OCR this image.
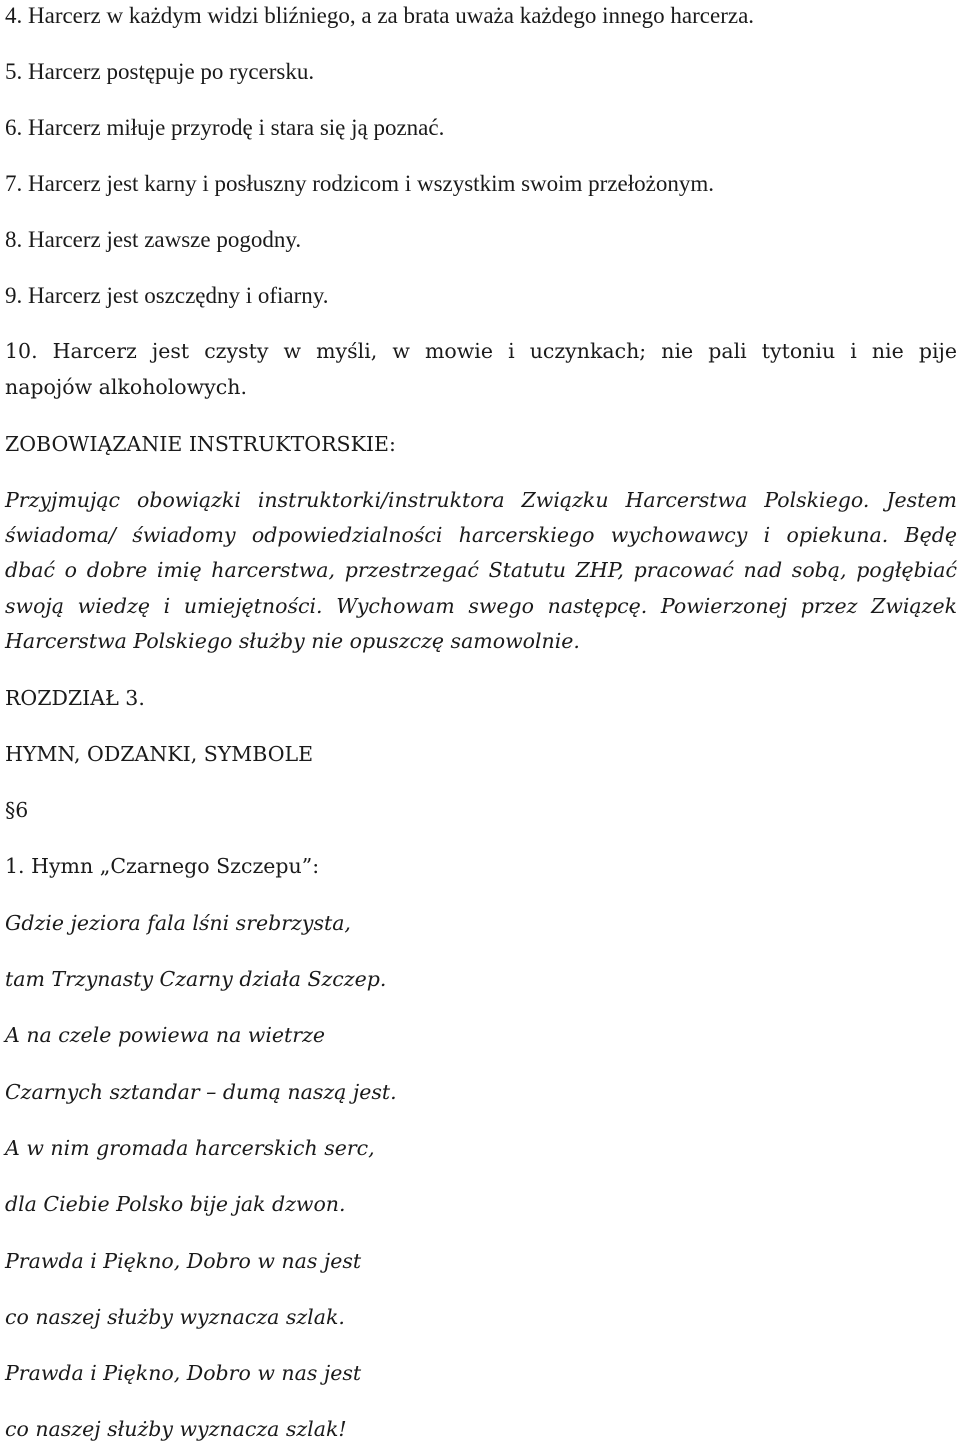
4. Harcerz w każdym widzi bliźniego, a za brata uważa każdego innego harcerza.
5. Harcerz postępuje po rycersku.
6. Harcerz miłuje przyrodę i stara się ją poznać.
7. Harcerz jest karny i posłuszny rodzicom i wszystkim swoim przełożonym.
8. Harcerz jest zawsze pogodny.
9. Harcerz jest oszczędny i ofiarny.
10. Harcerz jest czysty w myśli, w mowie i uczynkach; nie pali tytoniu i nie pije
napojów alkoholowych.
ZOBOWIĄZANIE INSTRUKTORSKIE:
Przyjmując obowiązki instruktorki/instruktora Związku Harcerstwa Polskiego. Jestem
świadoma/ świadomy odpowiedzialności harcerskiego wychowawcy i opiekuna. Będę
dbać o dobre imię harcerstwa, przestrzegać Statutu ZHP, pracować nad sobą, pogłębiać
swoją wiedzę i umiejętności. Wychowam swego następcę. Powierzonej przez Związek
Harcerstwa Polskiego służby nie opuszczę samowolnie.
ROZDZIAŁ 3.
HYMN, ODZANKI, SYMBOLE
§6
1. Hymn „Czarnego Szczepu”:
Gdzie jeziora fala lśni srebrzysta,
tam Trzynasty Czarny działa Szczep.
A na czele powiewa na wietrze
Czarnych sztandar – dumą naszą jest.
A w nim gromada harcerskich serc,
dla Ciebie Polsko bije jak dzwon.
Prawda i Piękno, Dobro w nas jest
co naszej służby wyznacza szlak.
Prawda i Piękno, Dobro w nas jest
co naszej służby wyznacza szlak!
